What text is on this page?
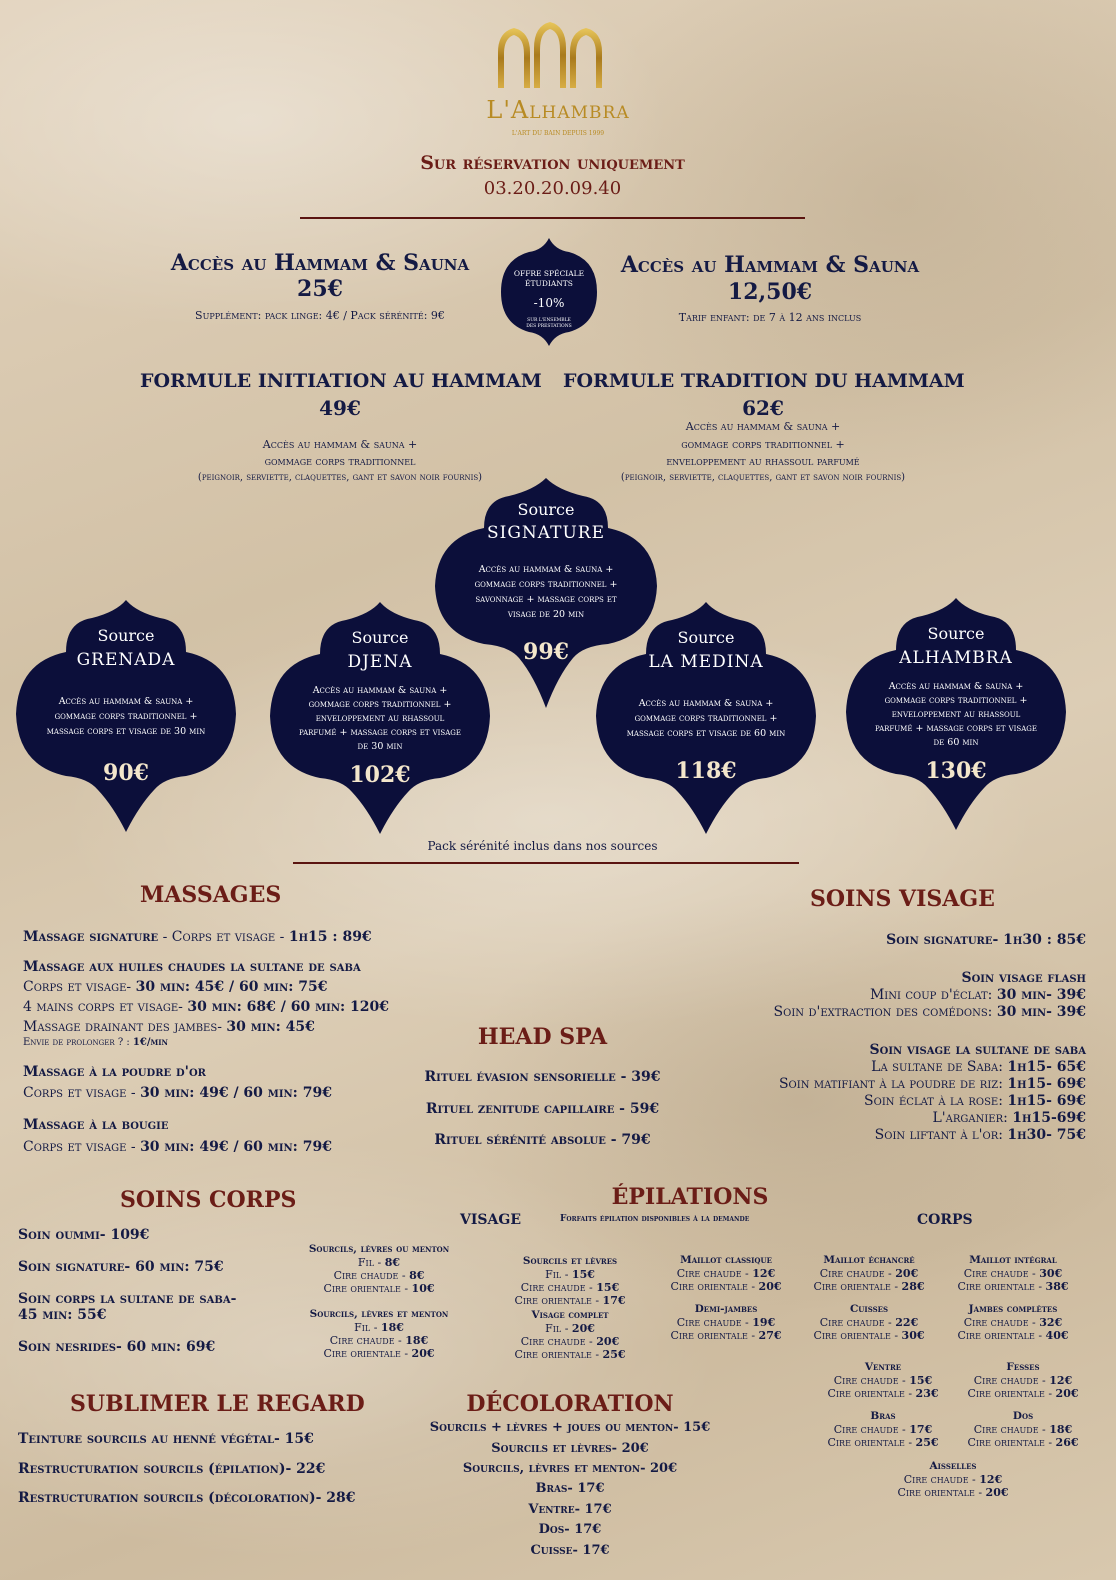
L'Alhambra
L'ART DU BAIN DEPUIS 1999
Sur réservation uniquement
03.20.20.09.40
Accès au Hammam & Sauna
25€
Supplément: pack linge: 4€ / Pack sérénité: 9€
OFFRE SPÉCIALE
ÉTUDIANTS
-10%
SUR L'ENSEMBLE DES PRESTATIONS
Accès au Hammam & Sauna
12,50€
Tarif enfant: de 7 à 12 ans inclus
FORMULE INITIATION AU HAMMAM
49€
Accès au hammam & sauna +
gommage corps traditionnel
(peignoir, serviette, claquettes, gant et savon noir fournis)
FORMULE TRADITION DU HAMMAM
62€
Accès au hammam & sauna +
gommage corps traditionnel +
enveloppement au rhassoul parfumé
(peignoir, serviette, claquettes, gant et savon noir fournis)
Source
SIGNATURE
Accès au hammam & sauna +
gommage corps traditionnel +
savonnage + massage corps et
visage de 20 min
99€
Source
GRENADA
Accès au hammam & sauna +
gommage corps traditionnel +
massage corps et visage de 30 min
90€
Source
DJENA
Accès au hammam & sauna +
gommage corps traditionnel +
enveloppement au rhassoul
parfumé + massage corps et visage
de 30 min
102€
Source
LA MEDINA
Accès au hammam & sauna +
gommage corps traditionnel +
massage corps et visage de 60 min
118€
Source
ALHAMBRA
Accès au hammam & sauna +
gommage corps traditionnel +
enveloppement au rhassoul
parfumé + massage corps et visage
de 60 min
130€
Pack sérénité inclus dans nos sources
MASSAGES
Massage signature - Corps et visage - 1h15 : 89€
Massage aux huiles chaudes la sultane de saba
Corps et visage- 30 min: 45€ / 60 min: 75€
4 mains corps et visage- 30 min: 68€ / 60 min: 120€
Massage drainant des jambes- 30 min: 45€
Envie de prolonger ? : 1€/min
Massage à la poudre d'or
Corps et visage - 30 min: 49€ / 60 min: 79€
Massage à la bougie
Corps et visage - 30 min: 49€ / 60 min: 79€
HEAD SPA
Rituel évasion sensorielle - 39€
Rituel zenitude capillaire - 59€
Rituel sérénité absolue - 79€
SOINS VISAGE
Soin signature- 1h30 : 85€
Soin visage flash
Mini coup d'éclat: 30 min- 39€
Soin d'extraction des comédons: 30 min- 39€
Soin visage la sultane de saba
La sultane de Saba: 1h15- 65€
Soin matifiant à la poudre de riz: 1h15- 69€
Soin éclat à la rose: 1h15- 69€
L'arganier: 1h15-69€
Soin liftant à l'or: 1h30- 75€
SOINS CORPS
Soin oummi- 109€
Soin signature- 60 min: 75€
Soin corps la sultane de saba-
45 min: 55€
Soin nesrides- 60 min: 69€
SUBLIMER LE REGARD
Teinture sourcils au henné végétal- 15€
Restructuration sourcils (épilation)- 22€
Restructuration sourcils (décoloration)- 28€
DÉCOLORATION
Sourcils + lèvres + joues ou menton- 15€
Sourcils et lèvres- 20€
Sourcils, lèvres et menton- 20€
Bras- 17€
Ventre- 17€
Dos- 17€
Cuisse- 17€
ÉPILATIONS
VISAGE	Forfaits épilation disponibles à la demande	CORPS
Sourcils, lèvres ou menton
Fil - 8€
Cire chaude - 8€
Cire orientale - 10€
Sourcils, lèvres et menton
Fil - 18€
Cire chaude - 18€
Cire orientale - 20€
Sourcils et lèvres
Fil - 15€
Cire chaude - 15€
Cire orientale - 17€
Visage complet
Fil - 20€
Cire chaude - 20€
Cire orientale - 25€
Maillot classique
Cire chaude - 12€
Cire orientale - 20€
Maillot échancré
Cire chaude - 20€
Cire orientale - 28€
Maillot intégral
Cire chaude - 30€
Cire orientale - 38€
Demi-jambes
Cire chaude - 19€
Cire orientale - 27€
Cuisses
Cire chaude - 22€
Cire orientale - 30€
Jambes complètes
Cire chaude - 32€
Cire orientale - 40€
Ventre
Cire chaude - 15€
Cire orientale - 23€
Fesses
Cire chaude - 12€
Cire orientale - 20€
Bras
Cire chaude - 17€
Cire orientale - 25€
Dos
Cire chaude - 18€
Cire orientale - 26€
Aisselles
Cire chaude - 12€
Cire orientale - 20€
